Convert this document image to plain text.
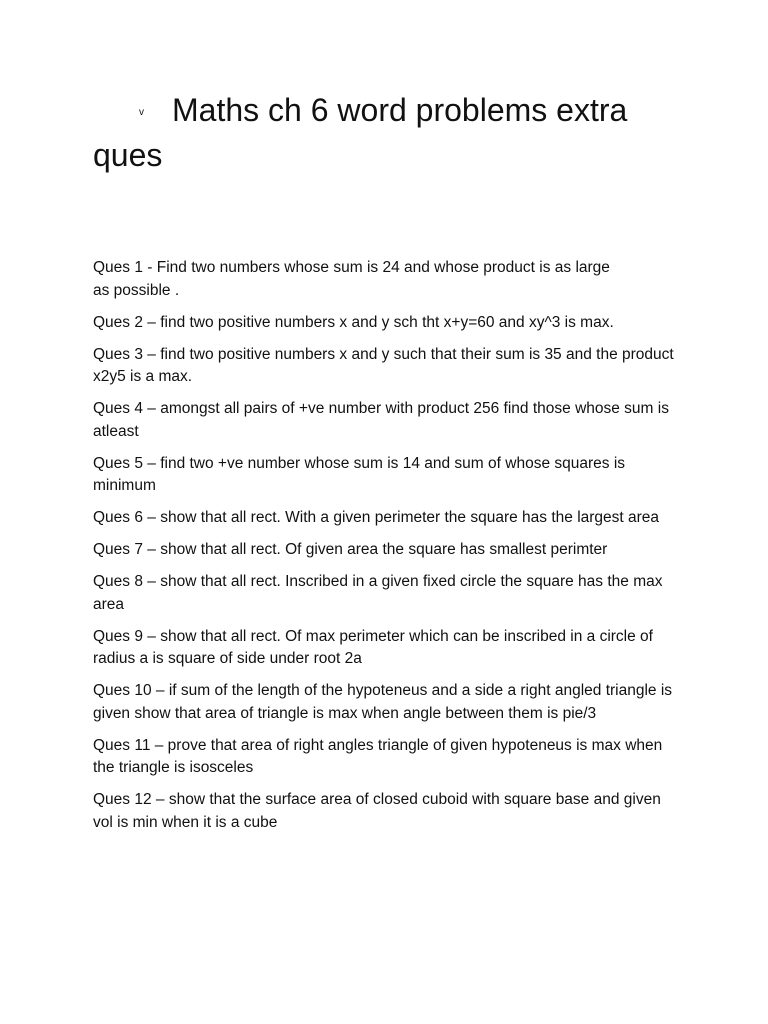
v Maths ch 6 word problems extra ques

Ques 1 - Find two numbers whose sum is 24 and whose product is as large as possible .

Ques 2 – find two positive numbers x and y sch tht x+y=60 and xy^3 is max.

Ques 3 – find two positive numbers x and y such that their sum is 35 and the product x2y5 is a max.

Ques 4 – amongst all pairs of +ve number with product 256 find those whose sum is atleast

Ques 5 – find two +ve number whose sum is 14 and sum of whose squares is minimum

Ques 6 – show that all rect. With a given perimeter the square has the largest area

Ques 7 – show that all rect. Of given area the square has smallest perimter

Ques 8 – show that all rect. Inscribed in a given fixed circle the square has the max area

Ques 9 – show that all rect. Of max perimeter which can be inscribed in a circle of radius a is square of side under root 2a

Ques 10 – if sum of the length of the hypoteneus and a side a right angled triangle is given show that area of triangle is max when angle between them is pie/3

Ques 11 – prove that area of right angles triangle of given hypoteneus is max when the triangle is isosceles

Ques 12 – show that the surface area of closed cuboid with square base and given vol is min when it is a cube
